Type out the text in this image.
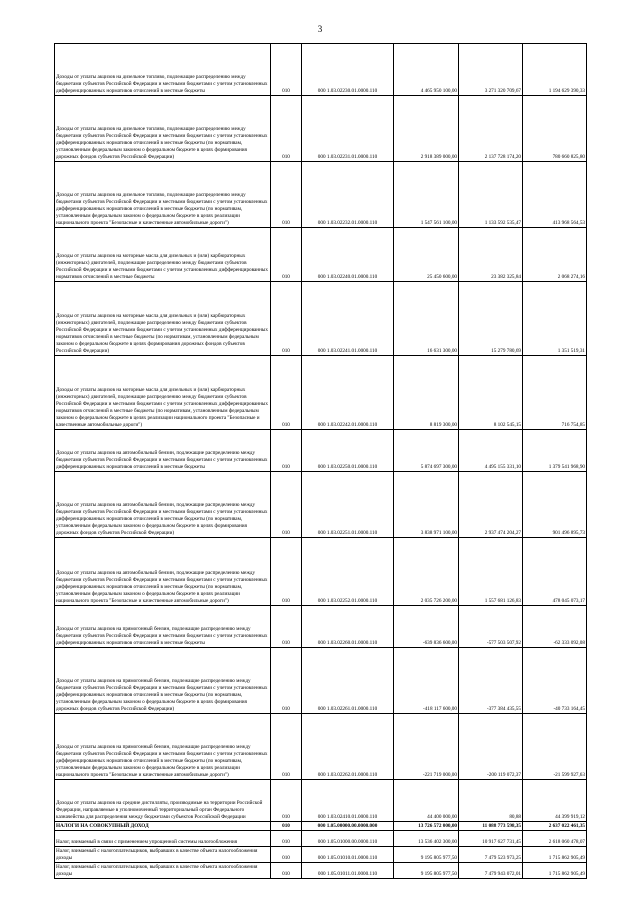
3
Доходы от уплаты акцизов на дизельное топливо, подлежащие распределению между бюджетами субъектов Российской Федерации и местными бюджетами с учетом установленных дифференцированных нормативов отчислений в местные бюджеты	010	000 1.03.02230.01.0000.110	4 465 950 100,00	3 271 320 709,67	1 194 629 390,33
Доходы от уплаты акцизов на дизельное топливо, подлежащие распределению между бюджетами субъектов Российской Федерации и местными бюджетами с учетом установленных дифференцированных нормативов отчислений в местные бюджеты (по нормативам, установленным федеральным законом о федеральном бюджете в целях формирования дорожных фондов субъектов Российской Федерации)	010	000 1.03.02231.01.0000.110	2 918 389 000,00	2 137 728 174,20	780 660 825,80
Доходы от уплаты акцизов на дизельное топливо, подлежащие распределению между бюджетами субъектов Российской Федерации и местными бюджетами с учетом установленных дифференцированных нормативов отчислений в местные бюджеты (по нормативам, установленным федеральным законом о федеральном бюджете в целях реализации национального проекта "Безопасные и качественные автомобильные дороги")	010	000 1.03.02232.01.0000.110	1 547 561 100,00	1 133 592 535,47	413 968 564,53
Доходы от уплаты акцизов на моторные масла для дизельных и (или) карбюраторных (инжекторных) двигателей, подлежащие распределению между бюджетами субъектов Российской Федерации и местными бюджетами с учетом установленных дифференцированных нормативов отчислений в местные бюджеты	010	000 1.03.02240.01.0000.110	25 450 600,00	23 382 325,84	2 068 274,16
Доходы от уплаты акцизов на моторные масла для дизельных и (или) карбюраторных (инжекторных) двигателей, подлежащие распределению между бюджетами субъектов Российской Федерации и местными бюджетами с учетом установленных дифференцированных нормативов отчислений в местные бюджеты (по нормативам, установленным федеральным законом о федеральном бюджете в целях формирования дорожных фондов субъектов Российской Федерации)	010	000 1.03.02241.01.0000.110	16 631 300,00	15 279 780,69	1 351 519,31
Доходы от уплаты акцизов на моторные масла для дизельных и (или) карбюраторных (инжекторных) двигателей, подлежащие распределению между бюджетами субъектов Российской Федерации и местными бюджетами с учетом установленных дифференцированных нормативов отчислений в местные бюджеты (по нормативам, установленным федеральным законом о федеральном бюджете в целях реализации национального проекта "Безопасные и качественные автомобильные дороги")	010	000 1.03.02242.01.0000.110	8 819 300,00	8 102 545,15	716 754,85
Доходы от уплаты акцизов на автомобильный бензин, подлежащие распределению между бюджетами субъектов Российской Федерации и местными бюджетами с учетом установленных дифференцированных нормативов отчислений в местные бюджеты	010	000 1.03.02250.01.0000.110	5 874 697 300,00	4 495 155 331,10	1 379 541 968,90
Доходы от уплаты акцизов на автомобильный бензин, подлежащие распределению между бюджетами субъектов Российской Федерации и местными бюджетами с учетом установленных дифференцированных нормативов отчислений в местные бюджеты (по нормативам, установленным федеральным законом о федеральном бюджете в целях формирования дорожных фондов субъектов Российской Федерации)	010	000 1.03.02251.01.0000.110	3 838 971 100,00	2 937 474 204,27	901 496 895,73
Доходы от уплаты акцизов на автомобильный бензин, подлежащие распределению между бюджетами субъектов Российской Федерации и местными бюджетами с учетом установленных дифференцированных нормативов отчислений в местные бюджеты (по нормативам, установленным федеральным законом о федеральном бюджете в целях реализации национального проекта "Безопасные и качественные автомобильные дороги")	010	000 1.03.02252.01.0000.110	2 035 726 200,00	1 557 681 126,83	478 045 073,17
Доходы от уплаты акцизов на прямогонный бензин, подлежащие распределению между бюджетами субъектов Российской Федерации и местными бюджетами с учетом установленных дифференцированных нормативов отчислений в местные бюджеты	010	000 1.03.02260.01.0000.110	-639 836 600,00	-577 503 507,92	-62 333 092,08
Доходы от уплаты акцизов на прямогонный бензин, подлежащие распределению между бюджетами субъектов Российской Федерации и местными бюджетами с учетом установленных дифференцированных нормативов отчислений в местные бюджеты (по нормативам, установленным федеральным законом о федеральном бюджете в целях формирования дорожных фондов субъектов Российской Федерации)	010	000 1.03.02261.01.0000.110	-418 117 600,00	-377 384 435,55	-40 733 164,45
Доходы от уплаты акцизов на прямогонный бензин, подлежащие распределению между бюджетами субъектов Российской Федерации и местными бюджетами с учетом установленных дифференцированных нормативов отчислений в местные бюджеты (по нормативам, установленным федеральным законом о федеральном бюджете в целях реализации национального проекта "Безопасные и качественные автомобильные дороги")	010	000 1.03.02262.01.0000.110	-221 719 000,00	-200 119 072,37	-21 599 927,63
Доходы от уплаты акцизов на средние дистилляты, производимые на территории Российской Федерации, направляемые в уполномоченный территориальный орган Федерального казначейства для распределения между бюджетами субъектов Российской Федерации	010	000 1.03.02410.01.0000.110	44 400 000,00	80,88	44 399 919,12
НАЛОГИ НА СОВОКУПНЫЙ ДОХОД	010	000 1.05.00000.00.0000.000	13 726 572 000,00	11 088 773 598,35	2 637 022 461,35
Налог, взимаемый в связи с применением упрощенной системы налогообложения	010	000 1.05.01000.00.0000.110	13 536 402 300,00	10 917 627 731,45	2 618 060 478,07
Налог, взимаемый с налогоплательщиков, выбравших в качестве объекта налогообложения доходы	010	000 1.05.01010.01.0000.110	9 195 805 977,50	7 479 523 973,25	1 715 862 905,49
Налог, взимаемый с налогоплательщиков, выбравших в качестве объекта налогообложения доходы	010	000 1.05.01011.01.0000.110	9 195 805 977,50	7 479 943 072,01	1 715 862 905,49
